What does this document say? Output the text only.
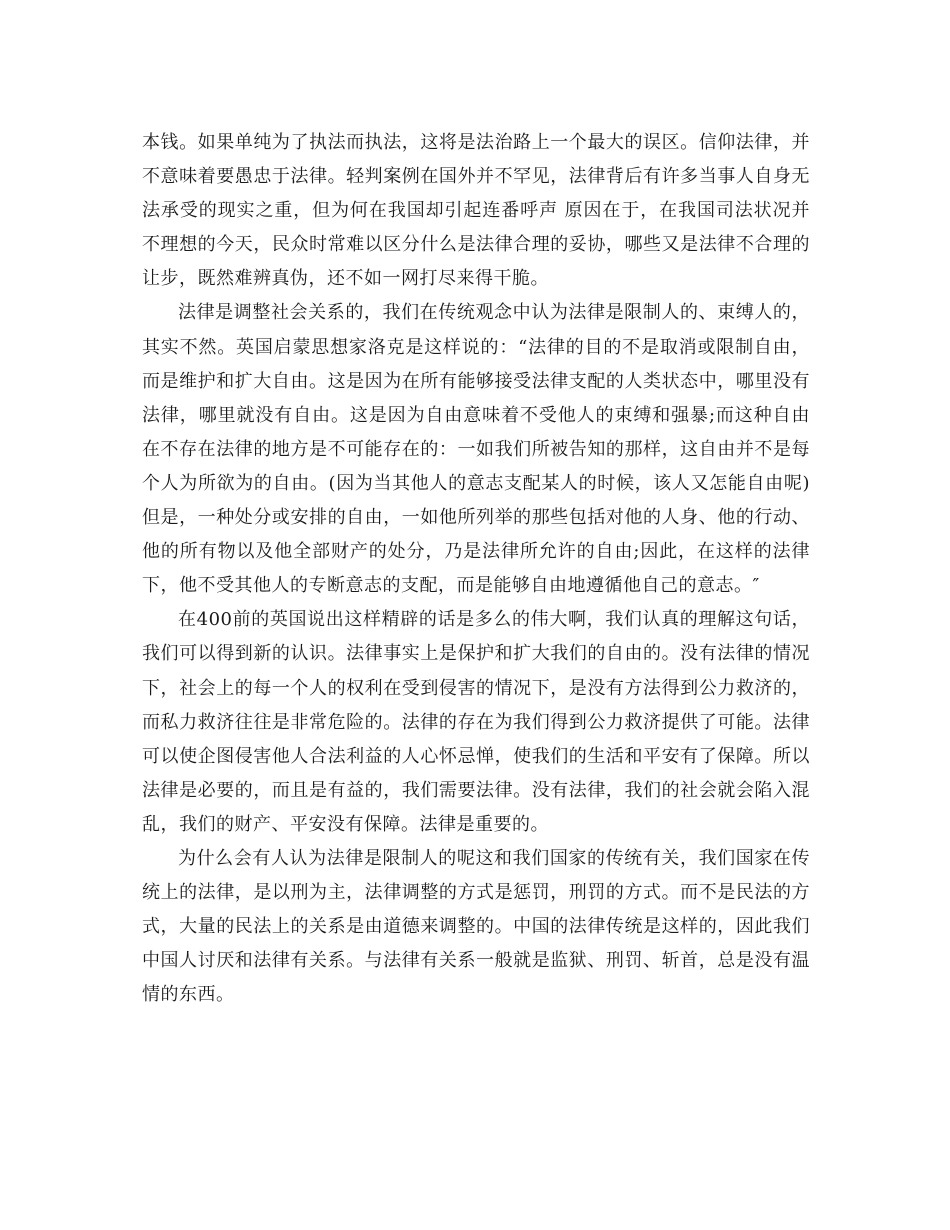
本钱。如果单纯为了执法而执法，这将是法治路上一个最大的误区。信仰法律，并不意味着要愚忠于法律。轻判案例在国外并不罕见，法律背后有许多当事人自身无法承受的现实之重，但为何在我国却引起连番呼声 原因在于，在我国司法状况并不理想的今天，民众时常难以区分什么是法律合理的妥协，哪些又是法律不合理的让步，既然难辨真伪，还不如一网打尽来得干脆。

法律是调整社会关系的，我们在传统观念中认为法律是限制人的、束缚人的，其实不然。英国启蒙思想家洛克是这样说的：“法律的目的不是取消或限制自由，而是维护和扩大自由。这是因为在所有能够接受法律支配的人类状态中，哪里没有法律，哪里就没有自由。这是因为自由意味着不受他人的束缚和强暴;而这种自由在不存在法律的地方是不可能存在的：一如我们所被告知的那样，这自由并不是每个人为所欲为的自由。(因为当其他人的意志支配某人的时候，该人又怎能自由呢)但是，一种处分或安排的自由，一如他所列举的那些包括对他的人身、他的行动、他的所有物以及他全部财产的处分，乃是法律所允许的自由;因此，在这样的法律下，他不受其他人的专断意志的支配，而是能够自由地遵循他自己的意志。″

在400前的英国说出这样精辟的话是多么的伟大啊，我们认真的理解这句话，我们可以得到新的认识。法律事实上是保护和扩大我们的自由的。没有法律的情况下，社会上的每一个人的权利在受到侵害的情况下，是没有方法得到公力救济的，而私力救济往往是非常危险的。法律的存在为我们得到公力救济提供了可能。法律可以使企图侵害他人合法利益的人心怀忌惮，使我们的生活和平安有了保障。所以法律是必要的，而且是有益的，我们需要法律。没有法律，我们的社会就会陷入混乱，我们的财产、平安没有保障。法律是重要的。

为什么会有人认为法律是限制人的呢这和我们国家的传统有关，我们国家在传统上的法律，是以刑为主，法律调整的方式是惩罚，刑罚的方式。而不是民法的方式，大量的民法上的关系是由道德来调整的。中国的法律传统是这样的，因此我们中国人讨厌和法律有关系。与法律有关系一般就是监狱、刑罚、斩首，总是没有温情的东西。
